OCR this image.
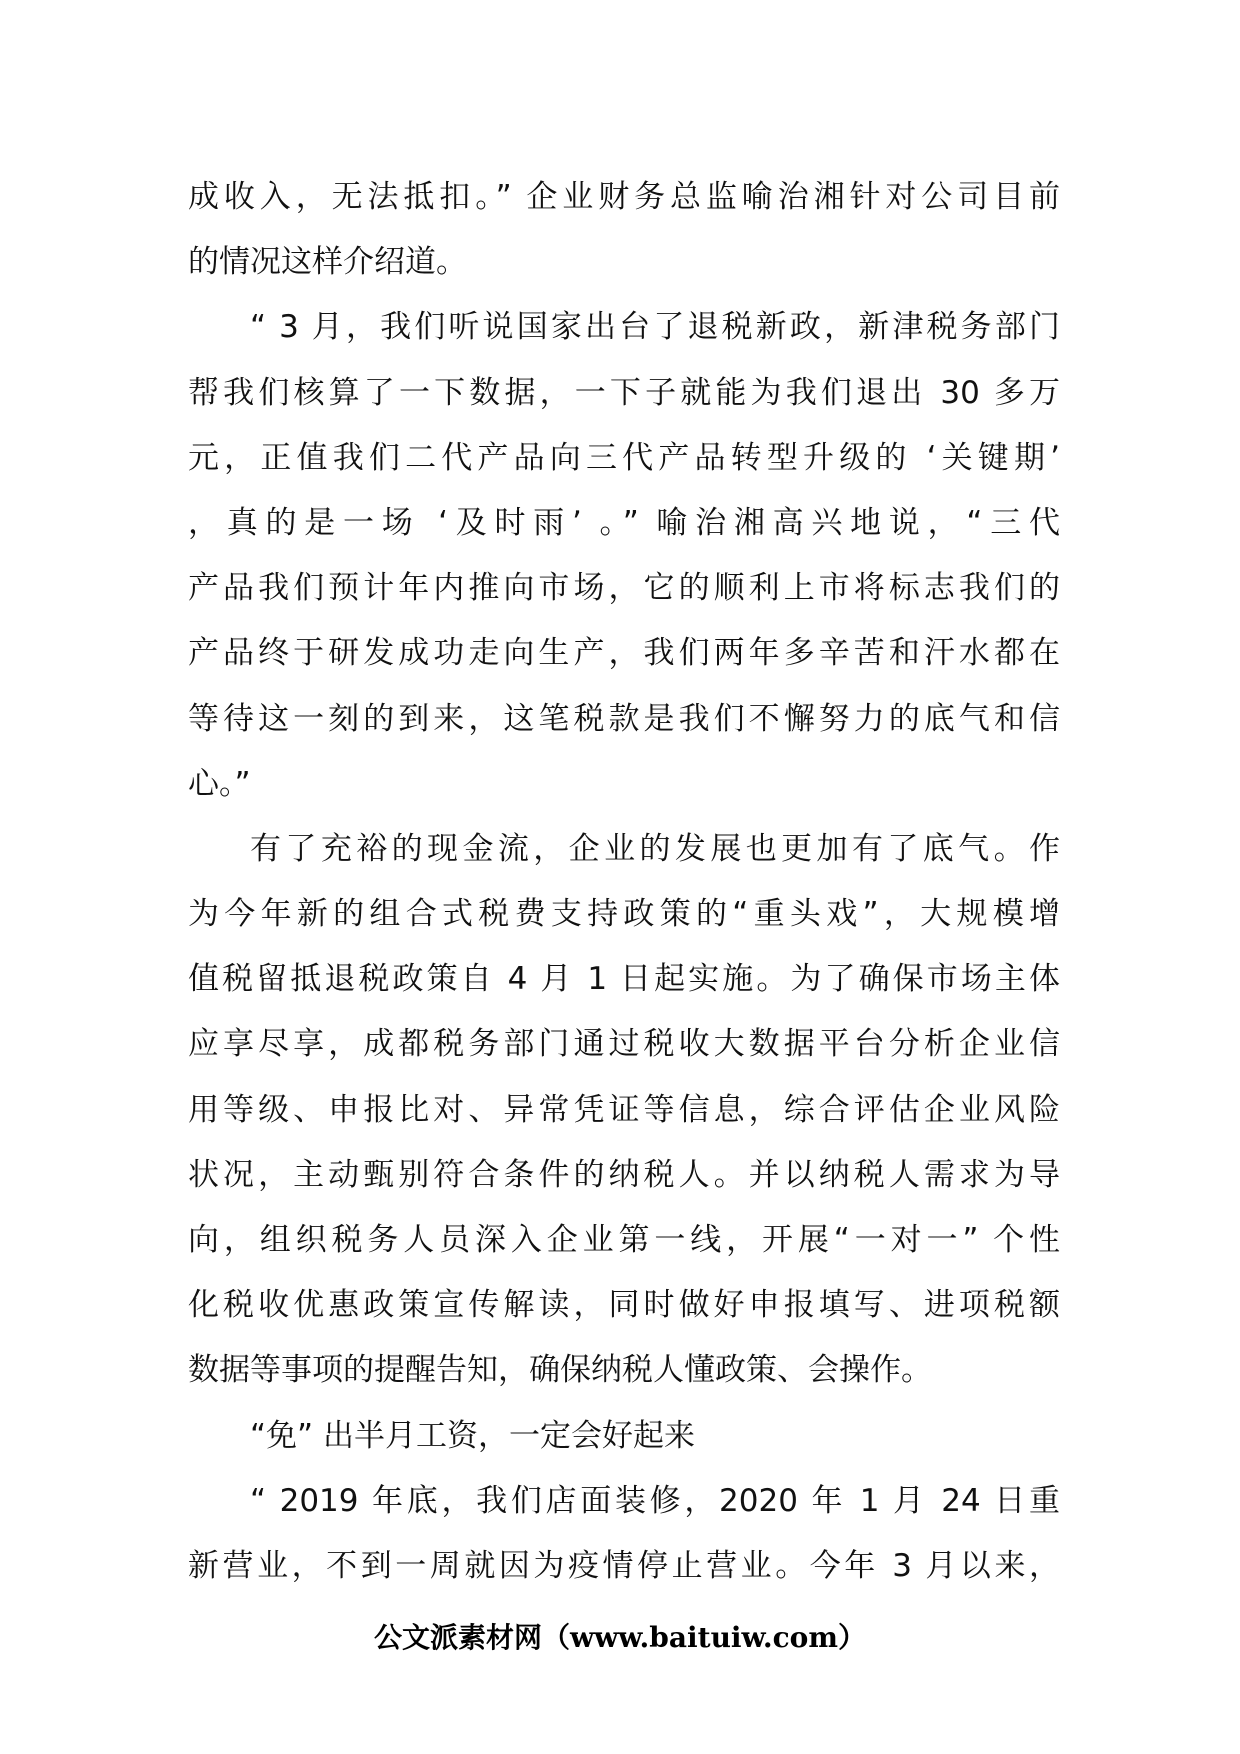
成收入，无法抵扣。” 企业财务总监喻治湘针对公司目前
的情况这样介绍道。
“ 3 月，我们听说国家出台了退税新政，新津税务部门
帮我们核算了一下数据，一下子就能为我们退出 30 多万
元，正值我们二代产品向三代产品转型升级的 ‘关键期’
，真的是一场 ‘及时雨’ 。” 喻治湘高兴地说，“三代
产品我们预计年内推向市场，它的顺利上市将标志我们的
产品终于研发成功走向生产，我们两年多辛苦和汗水都在
等待这一刻的到来，这笔税款是我们不懈努力的底气和信
心。”
有了充裕的现金流，企业的发展也更加有了底气。作
为今年新的组合式税费支持政策的“重头戏”，大规模增
值税留抵退税政策自 4 月 1 日起实施。为了确保市场主体
应享尽享，成都税务部门通过税收大数据平台分析企业信
用等级、申报比对、异常凭证等信息，综合评估企业风险
状况，主动甄别符合条件的纳税人。并以纳税人需求为导
向，组织税务人员深入企业第一线，开展“一对一” 个性
化税收优惠政策宣传解读，同时做好申报填写、进项税额
数据等事项的提醒告知，确保纳税人懂政策、会操作。
“免” 出半月工资，一定会好起来
“ 2019 年底，我们店面装修，2020 年 1 月 24 日重
新营业，不到一周就因为疫情停止营业。今年 3 月以来，
公文派素材网（www.baituiw.com）
